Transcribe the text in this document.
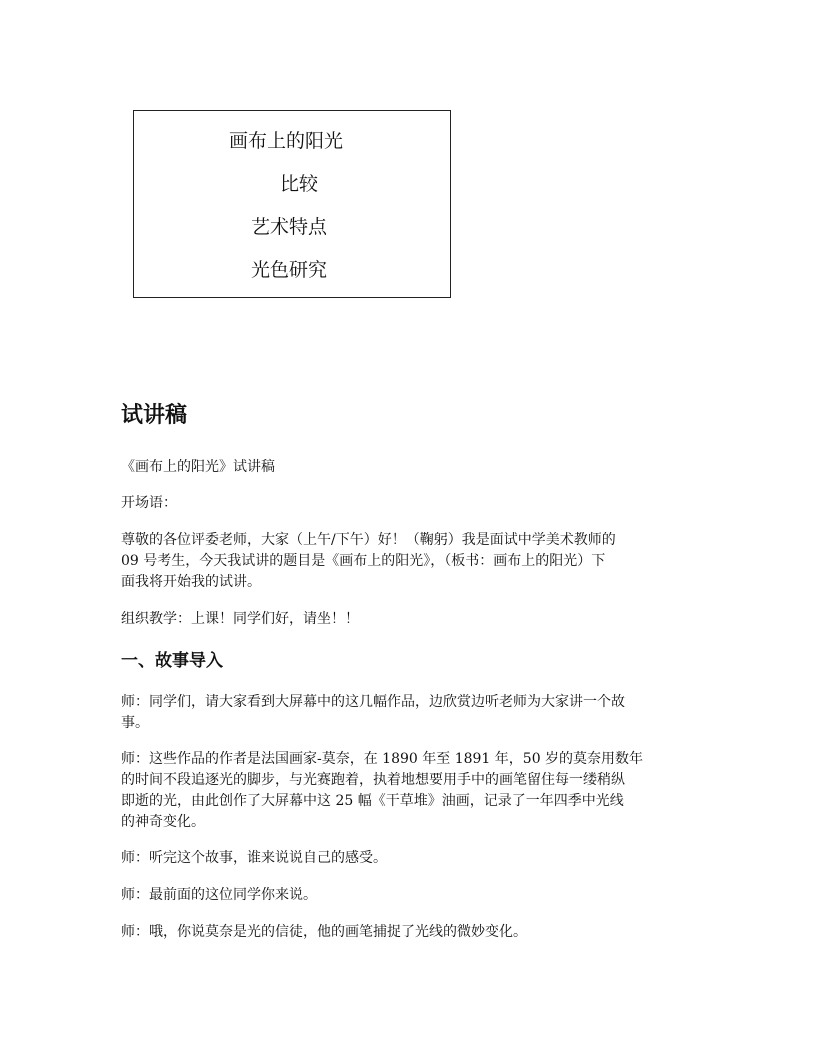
画布上的阳光
比较
艺术特点
光色研究
试讲稿
《画布上的阳光》试讲稿
开场语：
尊敬的各位评委老师，大家（上午/下午）好！（鞠躬）我是面试中学美术教师的
09 号考生，今天我试讲的题目是《画布上的阳光》，（板书：画布上的阳光）下
面我将开始我的试讲。
组织教学：上课！同学们好，请坐！！
一、故事导入
师：同学们，请大家看到大屏幕中的这几幅作品，边欣赏边听老师为大家讲一个故
事。
师：这些作品的作者是法国画家-莫奈，在 1890 年至 1891 年，50 岁的莫奈用数年
的时间不段追逐光的脚步，与光赛跑着，执着地想要用手中的画笔留住每一缕稍纵
即逝的光，由此创作了大屏幕中这 25 幅《干草堆》油画，记录了一年四季中光线
的神奇变化。
师：听完这个故事，谁来说说自己的感受。
师：最前面的这位同学你来说。
师：哦，你说莫奈是光的信徒，他的画笔捕捉了光线的微妙变化。
